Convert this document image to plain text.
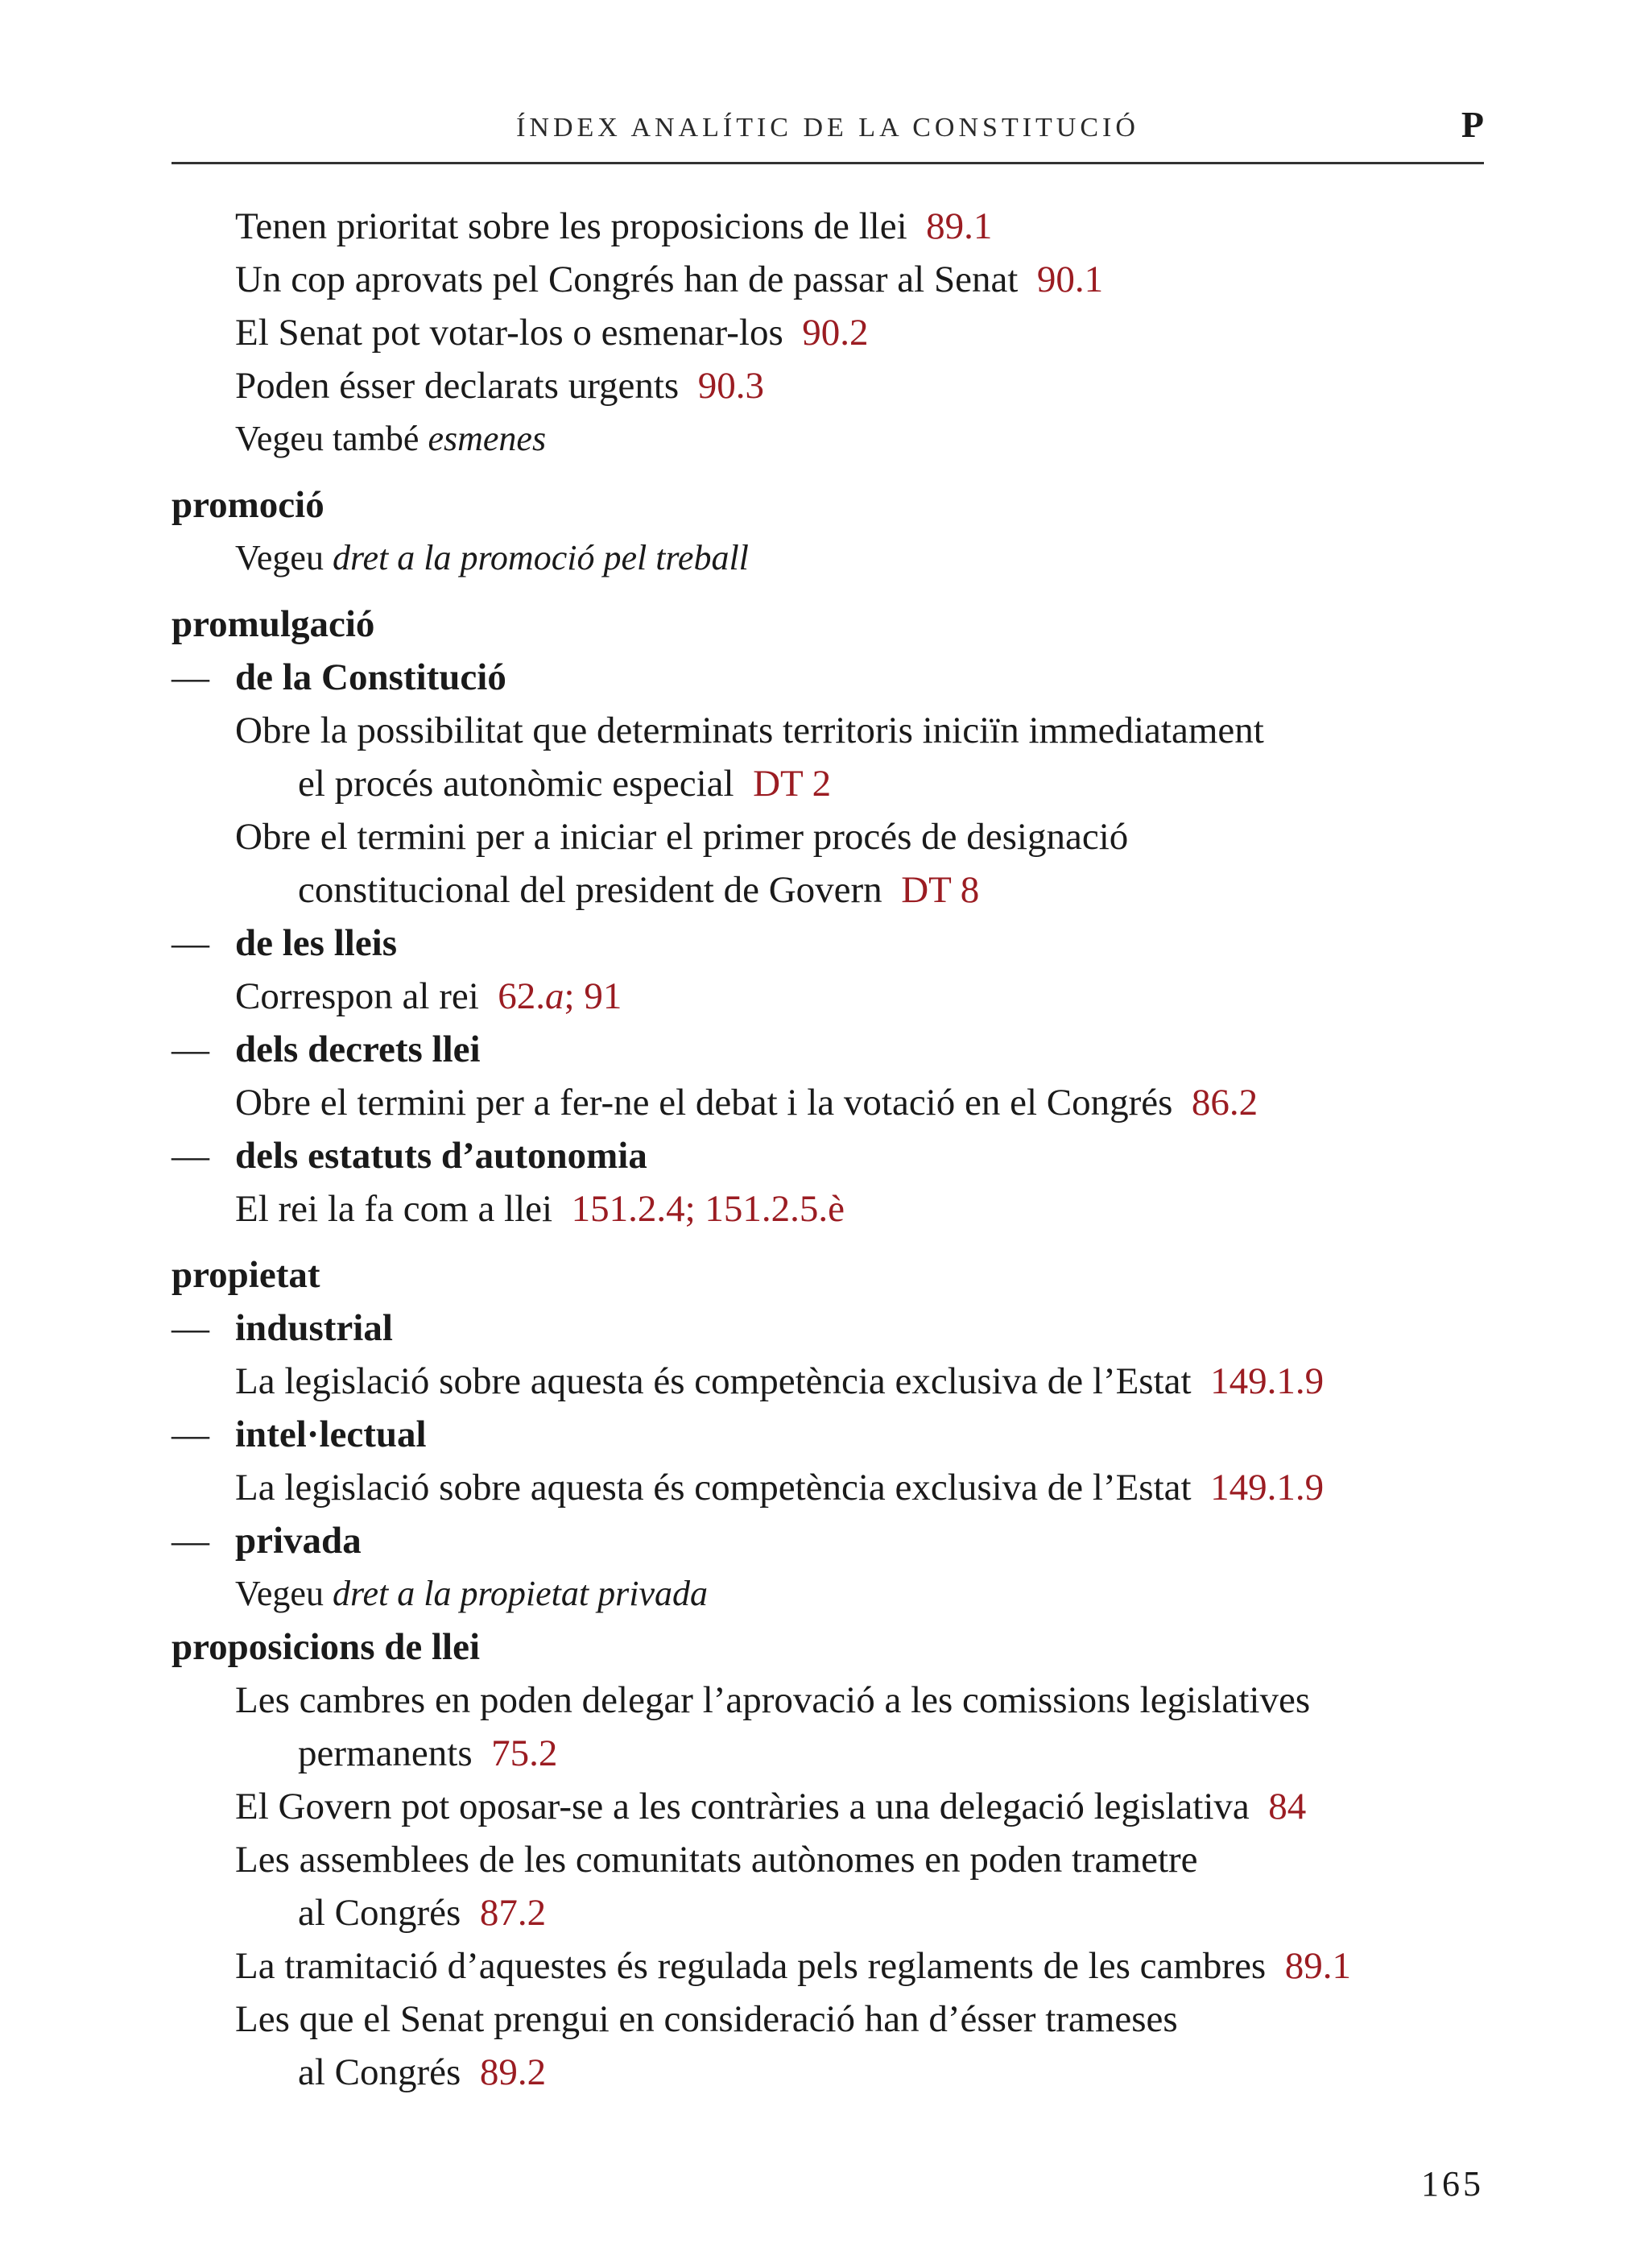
ÍNDEX ANALÍTIC DE LA CONSTITUCIÓ	P
Tenen prioritat sobre les proposicions de llei 89.1
Un cop aprovats pel Congrés han de passar al Senat 90.1
El Senat pot votar-los o esmenar-los 90.2
Poden ésser declarats urgents 90.3
Vegeu també esmenes
promoció
Vegeu dret a la promoció pel treball
promulgació
— de la Constitució
Obre la possibilitat que determinats territoris iniciïn immediatament
el procés autonòmic especial DT 2
Obre el termini per a iniciar el primer procés de designació
constitucional del president de Govern DT 8
— de les lleis
Correspon al rei 62.a; 91
— dels decrets llei
Obre el termini per a fer-ne el debat i la votació en el Congrés 86.2
— dels estatuts d’autonomia
El rei la fa com a llei 151.2.4; 151.2.5.è
propietat
— industrial
La legislació sobre aquesta és competència exclusiva de l’Estat 149.1.9
— intel·lectual
La legislació sobre aquesta és competència exclusiva de l’Estat 149.1.9
— privada
Vegeu dret a la propietat privada
proposicions de llei
Les cambres en poden delegar l’aprovació a les comissions legislatives
permanents 75.2
El Govern pot oposar-se a les contràries a una delegació legislativa 84
Les assemblees de les comunitats autònomes en poden trametre
al Congrés 87.2
La tramitació d’aquestes és regulada pels reglaments de les cambres 89.1
Les que el Senat prengui en consideració han d’ésser trameses
al Congrés 89.2
165
